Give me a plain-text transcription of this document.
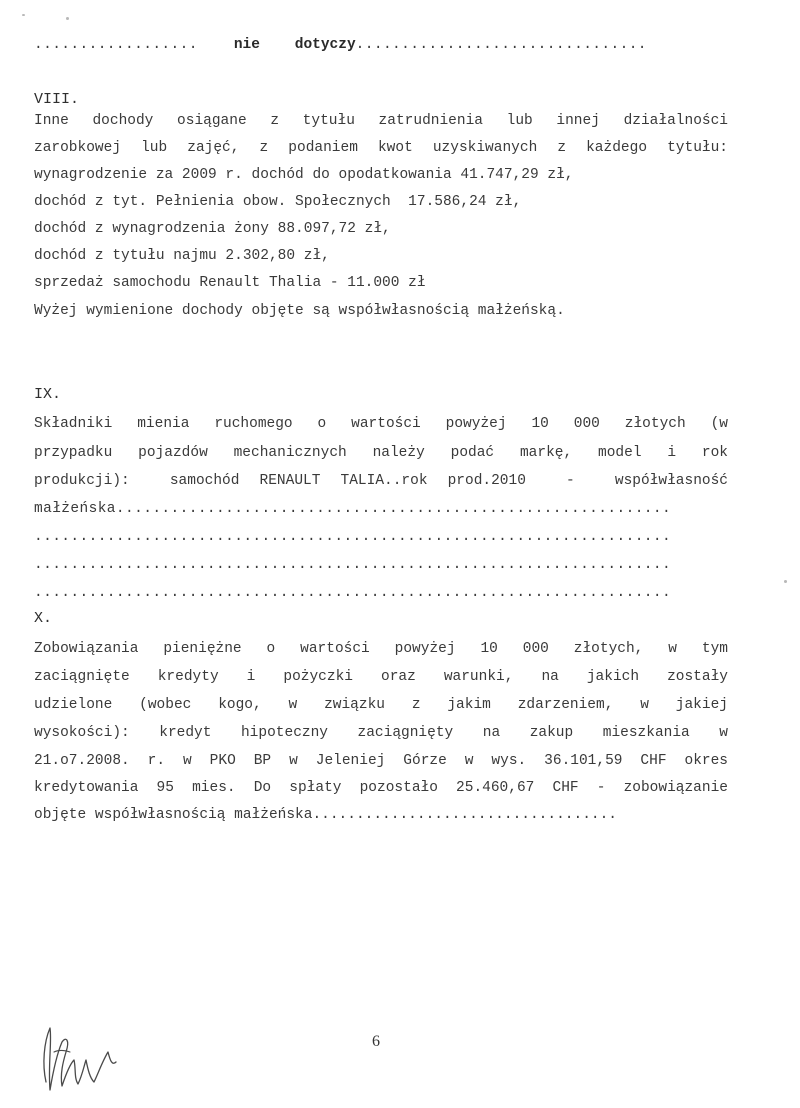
.................. nie    dotyczy................................
VIII.
Inne dochody osiągane z tytułu zatrudnienia lub innej działalności
zarobkowej lub zajęć, z podaniem kwot uzyskiwanych z każdego tytułu:
wynagrodzenie za 2009 r. dochód do opodatkowania 41.747,29 zł,
dochód z tyt. Pełnienia obow. Społecznych  17.586,24 zł,
dochód z wynagrodzenia żony 88.097,72 zł,
dochód z tytułu najmu 2.302,80 zł,
sprzedaż samochodu Renault Thalia - 11.000 zł
Wyżej wymienione dochody objęte są współwłasnością małżeńską.
IX.
Składniki mienia ruchomego o wartości powyżej 10 000 złotych (w
przypadku pojazdów mechanicznych należy podać markę, model i rok
produkcji):  samochód RENAULT TALIA..rok prod.2010  -  współwłasność
małżeńska.............................................................
......................................................................
......................................................................
......................................................................
X.
Zobowiązania pieniężne o wartości powyżej 10 000 złotych, w tym
zaciągnięte kredyty i pożyczki oraz warunki, na jakich zostały
udzielone (wobec kogo, w związku z jakim zdarzeniem, w jakiej
wysokości): kredyt hipoteczny zaciągnięty na zakup mieszkania w
21.o7.2008. r. w PKO BP w Jeleniej Górze w wys. 36.101,59 CHF okres
kredytowania 95 mies. Do spłaty pozostało 25.460,67 CHF - zobowiązanie
objęte współwłasnością małżeńska...................................
6
